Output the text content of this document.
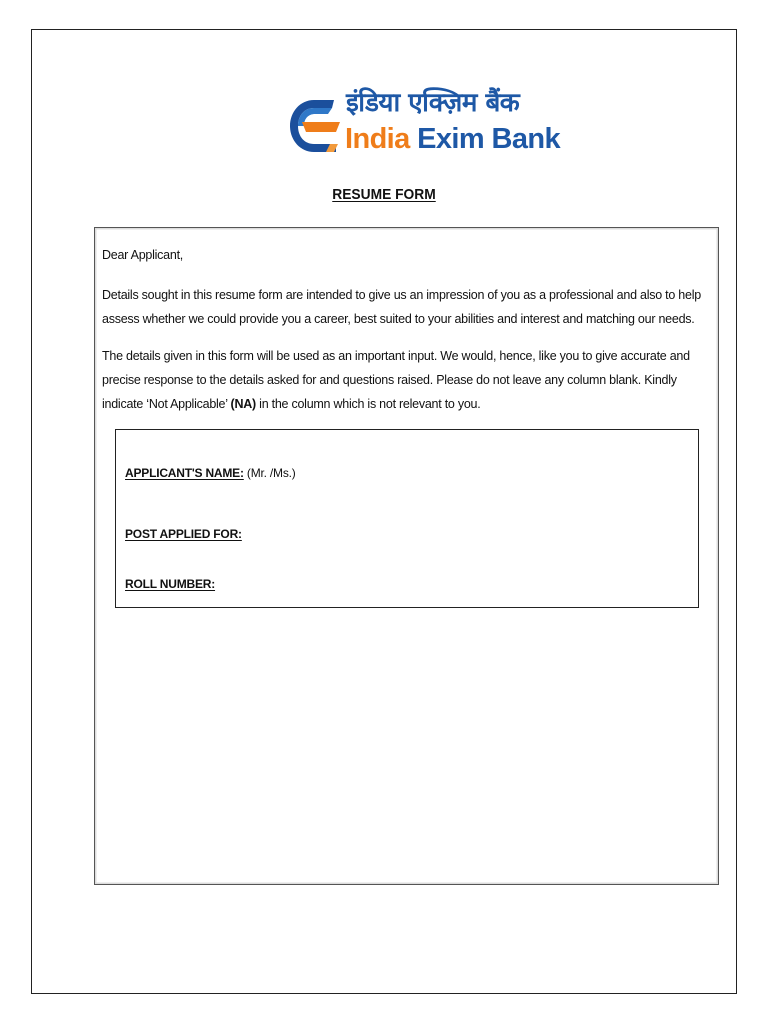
इंडिया एक्ज़िम बैंक
India Exim Bank
RESUME FORM

Dear Applicant,

Details sought in this resume form are intended to give us an impression of you as a professional and also to help assess whether we could provide you a career, best suited to your abilities and interest and matching our needs.

The details given in this form will be used as an important input. We would, hence, like you to give accurate and precise response to the details asked for and questions raised. Please do not leave any column blank. Kindly indicate ‘Not Applicable’ (NA) in the column which is not relevant to you.

APPLICANT'S NAME: (Mr. /Ms.)
POST APPLIED FOR:
ROLL NUMBER:
